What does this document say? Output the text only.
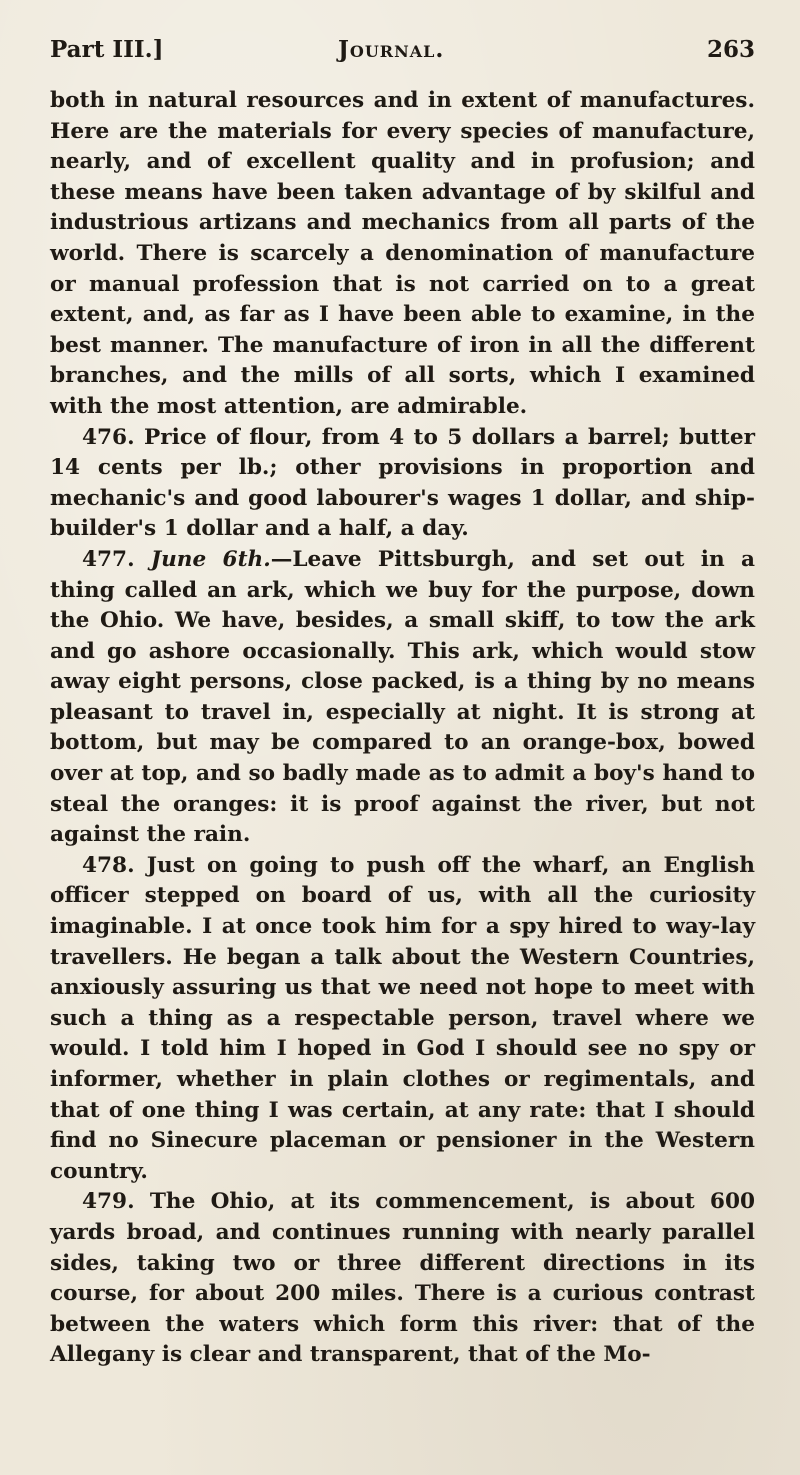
Part III.]	Journal.	263

both in natural resources and in extent of manufactures. Here are the materials for every species of manufacture, nearly, and of excellent quality and in profusion; and these means have been taken advantage of by skilful and industrious artizans and mechanics from all parts of the world. There is scarcely a denomination of manufacture or manual profession that is not carried on to a great extent, and, as far as I have been able to examine, in the best manner. The manufacture of iron in all the different branches, and the mills of all sorts, which I examined with the most attention, are admirable.

476. Price of flour, from 4 to 5 dollars a barrel; butter 14 cents per lb.; other provisions in proportion and mechanic's and good labourer's wages 1 dollar, and ship-builder's 1 dollar and a half, a day.

477. June 6th.—Leave Pittsburgh, and set out in a thing called an ark, which we buy for the purpose, down the Ohio. We have, besides, a small skiff, to tow the ark and go ashore occasionally. This ark, which would stow away eight persons, close packed, is a thing by no means pleasant to travel in, especially at night. It is strong at bottom, but may be compared to an orange-box, bowed over at top, and so badly made as to admit a boy's hand to steal the oranges: it is proof against the river, but not against the rain.

478. Just on going to push off the wharf, an English officer stepped on board of us, with all the curiosity imaginable. I at once took him for a spy hired to way-lay travellers. He began a talk about the Western Countries, anxiously assuring us that we need not hope to meet with such a thing as a respectable person, travel where we would. I told him I hoped in God I should see no spy or informer, whether in plain clothes or regimentals, and that of one thing I was certain, at any rate: that I should find no Sinecure placeman or pensioner in the Western country.

479. The Ohio, at its commencement, is about 600 yards broad, and continues running with nearly parallel sides, taking two or three different directions in its course, for about 200 miles. There is a curious contrast between the waters which form this river: that of the Allegany is clear and transparent, that of the Mo-
